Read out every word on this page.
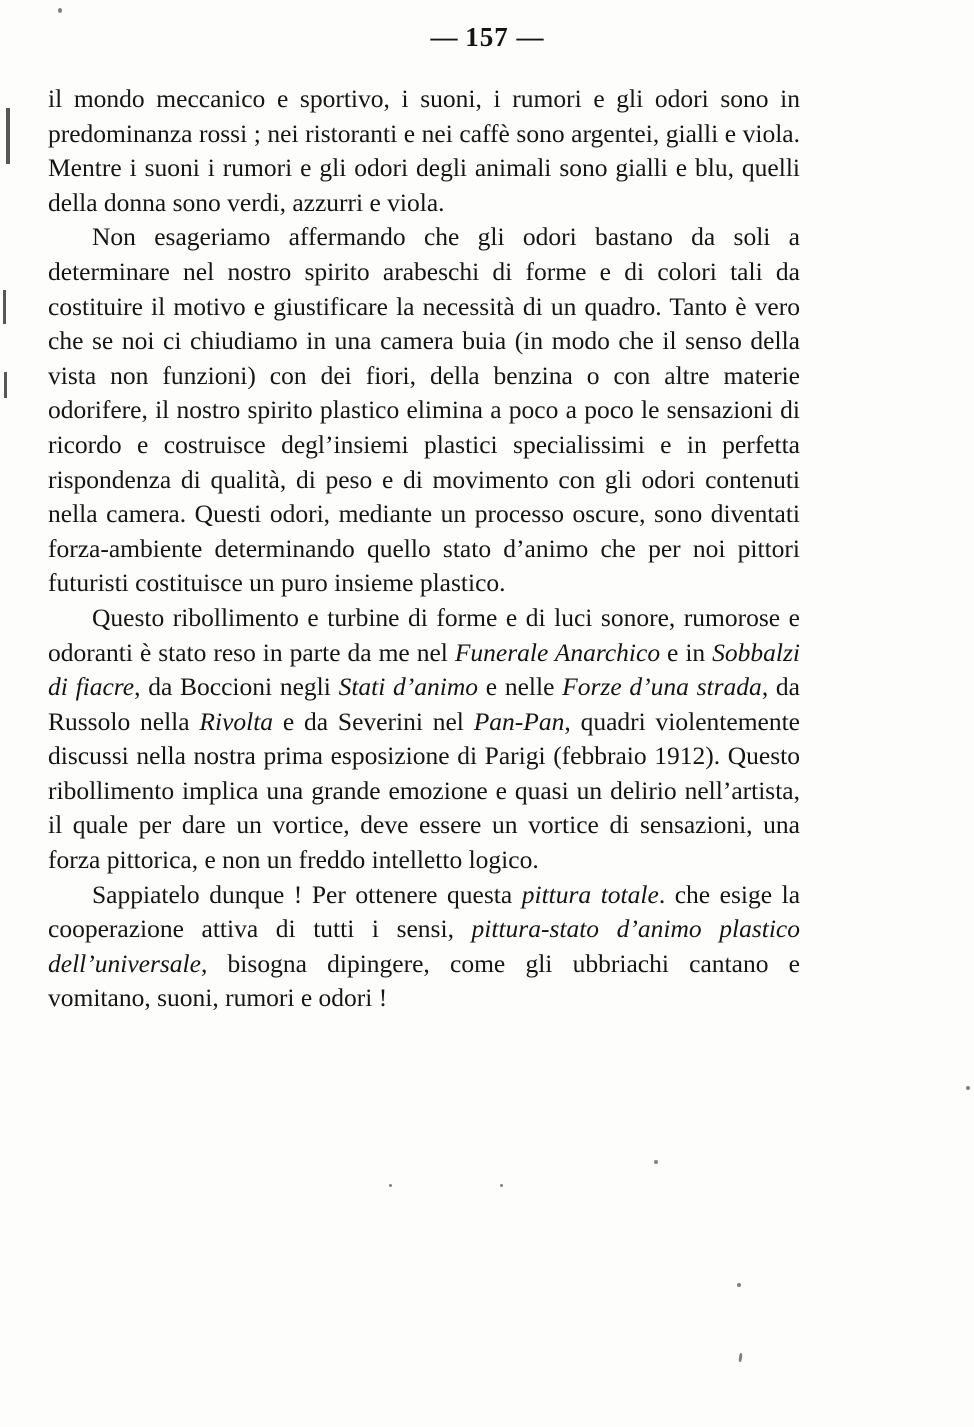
— 157 —

il mondo meccanico e sportivo, i suoni, i rumori e gli odori sono in predominanza rossi ; nei ristoranti e nei caffè sono argentei, gialli e viola. Mentre i suoni i rumori e gli odori degli animali sono gialli e blu, quelli della donna sono verdi, azzurri e viola.

Non esageriamo affermando che gli odori bastano da soli a determinare nel nostro spirito arabeschi di forme e di colori tali da costituire il motivo e giustificare la necessità di un quadro. Tanto è vero che se noi ci chiudiamo in una camera buia (in modo che il senso della vista non funzioni) con dei fiori, della benzina o con altre materie odorifere, il nostro spirito plastico elimina a poco a poco le sensazioni di ricordo e costruisce degl’insiemi plastici specialissimi e in perfetta rispondenza di qualità, di peso e di movimento con gli odori contenuti nella camera. Questi odori, mediante un processo oscure, sono diventati forza-ambiente determinando quello stato d’animo che per noi pittori futuristi costituisce un puro insieme plastico.

Questo ribollimento e turbine di forme e di luci sonore, rumorose e odoranti è stato reso in parte da me nel Funerale Anarchico e in Sobbalzi di fiacre, da Boccioni negli Stati d’animo e nelle Forze d’una strada, da Russolo nella Rivolta e da Severini nel Pan-Pan, quadri violentemente discussi nella nostra prima esposizione di Parigi (febbraio 1912). Questo ribollimento implica una grande emozione e quasi un delirio nell’artista, il quale per dare un vortice, deve essere un vortice di sensazioni, una forza pittorica, e non un freddo intelletto logico.

Sappiatelo dunque ! Per ottenere questa pittura totale. che esige la cooperazione attiva di tutti i sensi, pittura-stato d’animo plastico dell’universale, bisogna dipingere, come gli ubbriachi cantano e vomitano, suoni, rumori e odori !
